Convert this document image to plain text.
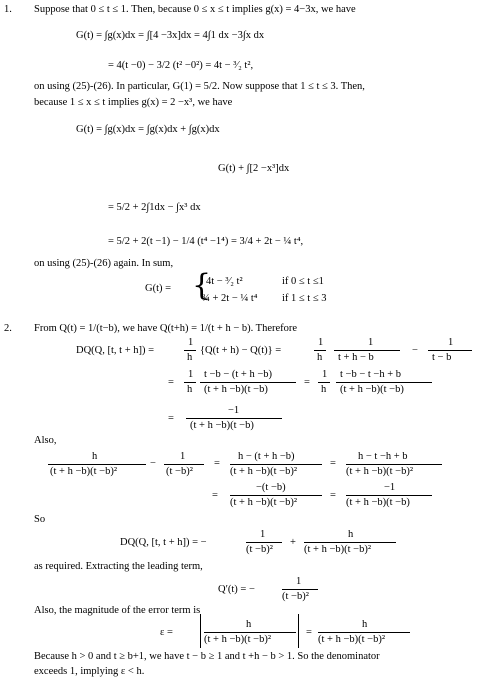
1. Suppose that 0 ≤ t ≤ 1. Then, because 0 ≤ x ≤ t implies g(x) = 4−3x, we have
G(t) = ∫g(x)dx = ∫[4 −3x]dx = 4∫1 dx −3∫x dx
= 4(t −0) − 3/2 (t² −0²) = 4t − ³⁄₂ t²,
on using (25)-(26). In particular, G(1) = 5/2. Now suppose that 1 ≤ t ≤ 3. Then,
because 1 ≤ x ≤ t implies g(x) = 2 −x³, we have
G(t) = ∫g(x)dx = ∫g(x)dx + ∫g(x)dx
G(t) + ∫[2 −x³]dx
= 5/2 + 2∫1dx − ∫x³ dx
= 5/2 + 2(t −1) − 1/4 (t⁴ −1⁴) = 3/4 + 2t − ¼ t⁴,
on using (25)-(26) again. In sum,
G(t) = {
4t − ³⁄₂ t²	if 0 ≤ t ≤1
¾ + 2t − ¼ t⁴ if 1 ≤ t ≤ 3
2. From Q(t) = 1/(t−b), we have Q(t+h) = 1/(t + h − b). Therefore
DQ(Q, [t, t + h]) =
1
h
{Q(t + h) − Q(t)} =
1
h
1
t + h − b
−
1
t − b
=
1
h
t −b − (t + h −b)
(t + h −b)(t −b)
=
1
h
t −b − t −h + b
(t + h −b)(t −b)
=
−1
(t + h −b)(t −b)
Also,
h
(t + h −b)(t −b)²
−
1
(t −b)²
=
h − (t + h −b)
(t + h −b)(t −b)²
=
h − t −h + b
(t + h −b)(t −b)²
=
−(t −b)
(t + h −b)(t −b)²
=
−1
(t + h −b)(t −b)
So
DQ(Q, [t, t + h]) = −
1
(t −b)²
+
h
(t + h −b)(t −b)²
as required. Extracting the leading term,
Q′(t) = −
1
(t −b)²
Also, the magnitude of the error term is
ε =
h
(t + h −b)(t −b)²
=
h
(t + h −b)(t −b)²
Because h > 0 and t ≥ b+1, we have t − b ≥ 1 and t +h − b > 1. So the denominator
exceeds 1, implying ε < h.
